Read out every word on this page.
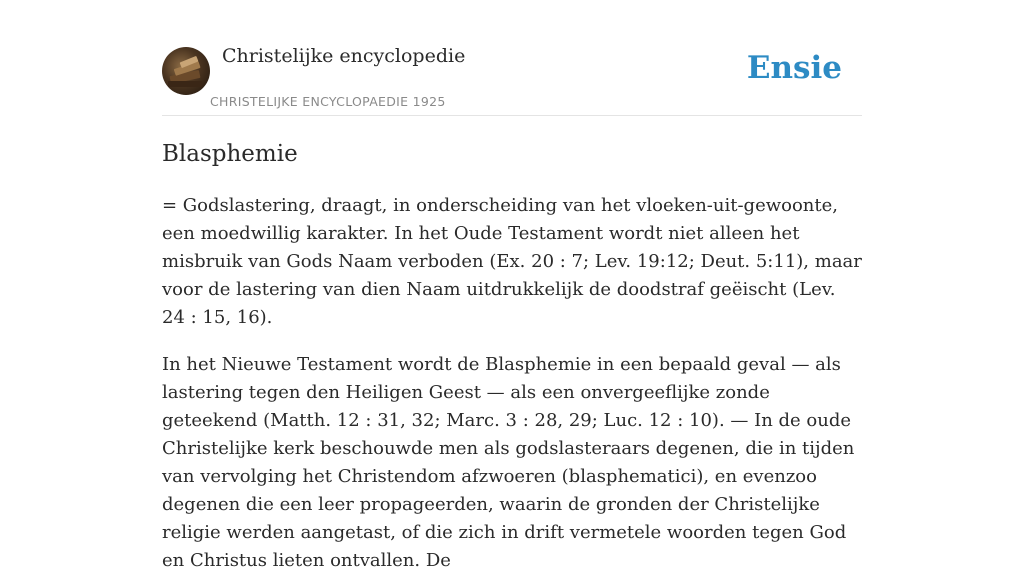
Christelijke encyclopedie
CHRISTELIJKE ENCYCLOPAEDIE 1925
Ensie
Blasphemie

= Godslastering, draagt, in onderscheiding van het vloeken-uit-gewoonte, een moedwillig karakter. In het Oude Testament wordt niet alleen het misbruik van Gods Naam verboden (Ex. 20 : 7; Lev. 19:12; Deut. 5:11), maar voor de lastering van dien Naam uitdrukkelijk de doodstraf geëischt (Lev. 24 : 15, 16).

In het Nieuwe Testament wordt de Blasphemie in een bepaald geval — als lastering tegen den Heiligen Geest — als een onvergeeflijke zonde geteekend (Matth. 12 : 31, 32; Marc. 3 : 28, 29; Luc. 12 : 10). — In de oude Christelijke kerk beschouwde men als godslasteraars degenen, die in tijden van vervolging het Christendom afzwoeren (blasphematici), en evenzoo degenen die een leer propageerden, waarin de gronden der Christelijke religie werden aangetast, of die zich in drift vermetele woorden tegen God en Christus lieten ontvallen. De
